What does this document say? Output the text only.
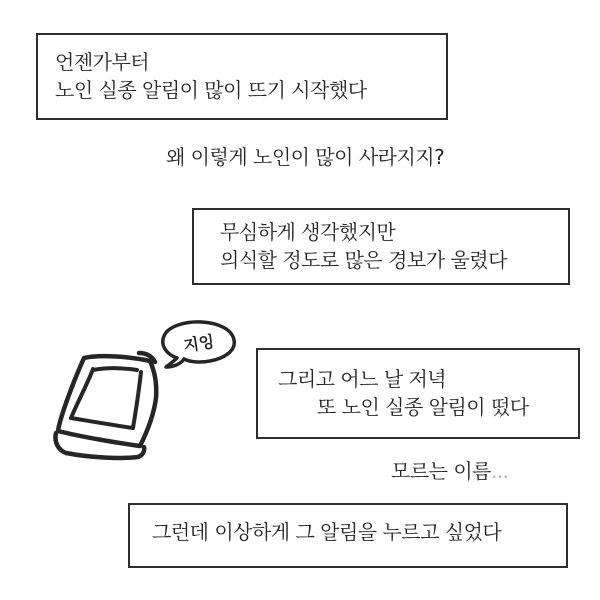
언젠가부터
노인 실종 알림이 많이 뜨기 시작했다
왜 이렇게 노인이 많이 사라지지?
무심하게 생각했지만
의식할 정도로 많은 경보가 울렸다
지잉
그리고 어느 날 저녁
또 노인 실종 알림이 떴다
모르는 이름...
그런데 이상하게 그 알림을 누르고 싶었다
